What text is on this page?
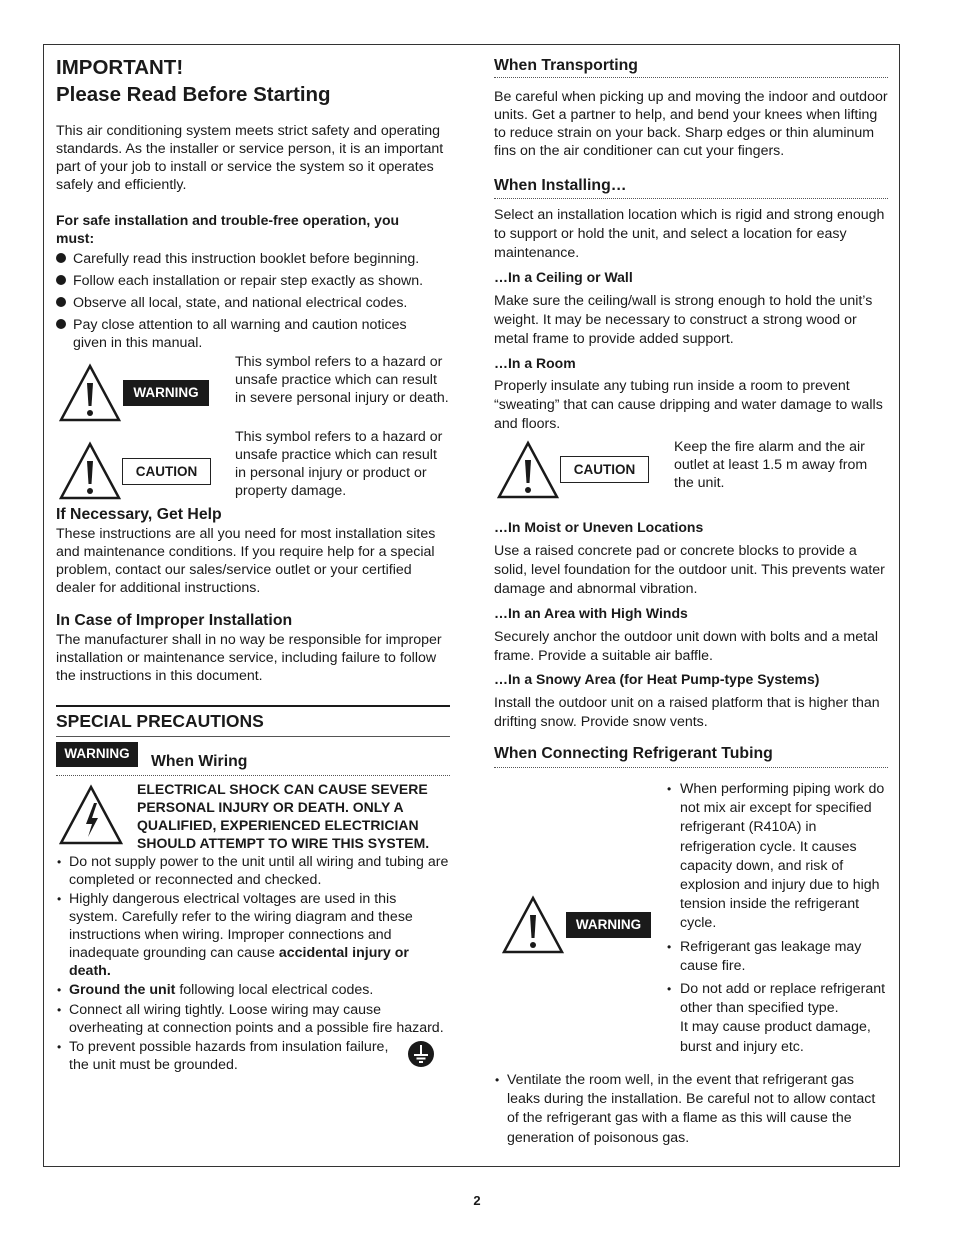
IMPORTANT!
Please Read Before Starting
This air conditioning system meets strict safety and operating standards. As the installer or service person, it is an important part of your job to install or service the system so it operates safely and efficiently.
For safe installation and trouble-free operation, you must:
Carefully read this instruction booklet before beginning.
Follow each installation or repair step exactly as shown.
Observe all local, state, and national electrical codes.
Pay close attention to all warning and caution notices given in this manual.
WARNING
This symbol refers to a hazard or unsafe practice which can result in severe personal injury or death.
CAUTION
This symbol refers to a hazard or unsafe practice which can result in personal injury or product or property damage.
If Necessary, Get Help
These instructions are all you need for most installation sites and maintenance conditions. If you require help for a special problem, contact our sales/service outlet or your certified dealer for additional instructions.
In Case of Improper Installation
The manufacturer shall in no way be responsible for improper installation or maintenance service, including failure to follow the instructions in this document.
SPECIAL PRECAUTIONS
WARNING	When Wiring
ELECTRICAL SHOCK CAN CAUSE SEVERE PERSONAL INJURY OR DEATH. ONLY A QUALIFIED, EXPERIENCED ELECTRICIAN SHOULD ATTEMPT TO WIRE THIS SYSTEM.
• Do not supply power to the unit until all wiring and tubing are completed or reconnected and checked.
• Highly dangerous electrical voltages are used in this system. Carefully refer to the wiring diagram and these instructions when wiring. Improper connections and inadequate grounding can cause accidental injury or death.
• Ground the unit following local electrical codes.
• Connect all wiring tightly. Loose wiring may cause overheating at connection points and a possible fire hazard.
• To prevent possible hazards from insulation failure, the unit must be grounded.
When Transporting
Be careful when picking up and moving the indoor and outdoor units. Get a partner to help, and bend your knees when lifting to reduce strain on your back. Sharp edges or thin aluminum fins on the air conditioner can cut your fingers.
When Installing…
Select an installation location which is rigid and strong enough to support or hold the unit, and select a location for easy maintenance.
…In a Ceiling or Wall
Make sure the ceiling/wall is strong enough to hold the unit’s weight. It may be necessary to construct a strong wood or metal frame to provide added support.
…In a Room
Properly insulate any tubing run inside a room to prevent “sweating” that can cause dripping and water damage to walls and floors.
CAUTION
Keep the fire alarm and the air outlet at least 1.5 m away from the unit.
…In Moist or Uneven Locations
Use a raised concrete pad or concrete blocks to provide a solid, level foundation for the outdoor unit. This prevents water damage and abnormal vibration.
…In an Area with High Winds
Securely anchor the outdoor unit down with bolts and a metal frame. Provide a suitable air baffle.
…In a Snowy Area (for Heat Pump-type Systems)
Install the outdoor unit on a raised platform that is higher than drifting snow. Provide snow vents.
When Connecting Refrigerant Tubing
WARNING
• When performing piping work do not mix air except for specified refrigerant (R410A) in refrigeration cycle. It causes capacity down, and risk of explosion and injury due to high tension inside the refrigerant cycle.
• Refrigerant gas leakage may cause fire.
• Do not add or replace refrigerant other than specified type.
It may cause product damage, burst and injury etc.
• Ventilate the room well, in the event that refrigerant gas leaks during the installation. Be careful not to allow contact of the refrigerant gas with a flame as this will cause the generation of poisonous gas.
2
